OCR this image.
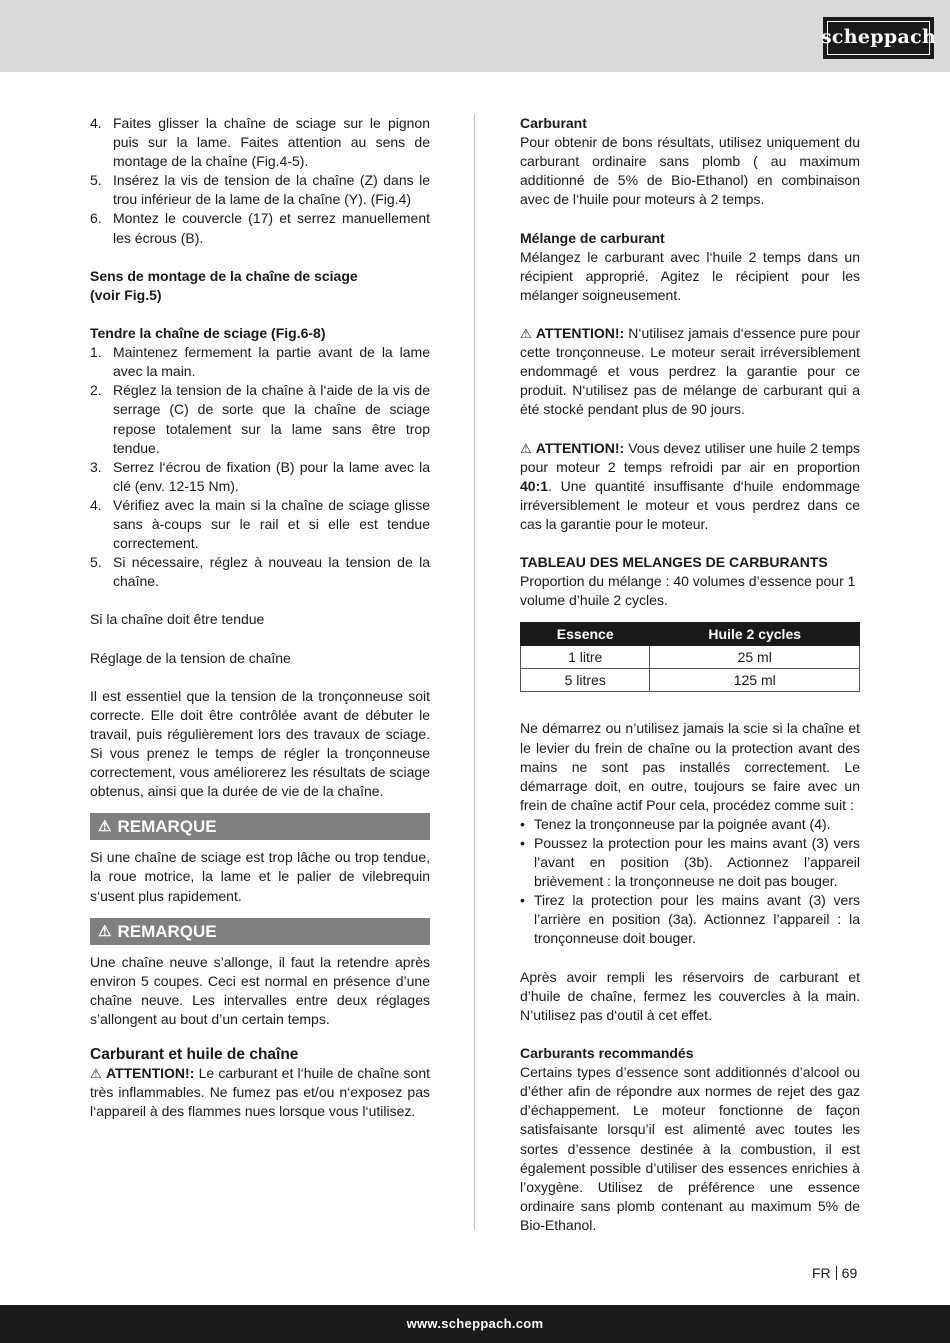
scheppach
4. Faites glisser la chaîne de sciage sur le pignon puis sur la lame. Faites attention au sens de montage de la chaîne (Fig.4-5).
5. Insérez la vis de tension de la chaîne (Z) dans le trou inférieur de la lame de la chaîne (Y). (Fig.4)
6. Montez le couvercle (17) et serrez manuellement les écrous (B).

Sens de montage de la chaîne de sciage
(voir Fig.5)

Tendre la chaîne de sciage (Fig.6-8)

1. Maintenez fermement la partie avant de la lame avec la main.
2. Réglez la tension de la chaîne à l‘aide de la vis de serrage (C) de sorte que la chaîne de sciage repose totalement sur la lame sans être trop tendue.
3. Serrez l‘écrou de fixation (B) pour la lame avec la clé (env. 12-15 Nm).
4. Vérifiez avec la main si la chaîne de sciage glisse sans à-coups sur le rail et si elle est tendue correctement.
5. Si nécessaire, réglez à nouveau la tension de la chaîne.

Si la chaîne doit être tendue

Réglage de la tension de chaîne

Il est essentiel que la tension de la tronçonneuse soit correcte. Elle doit être contrôlée avant de débuter le travail, puis régulièrement lors des travaux de sciage. Si vous prenez le temps de régler la tronçonneuse correctement, vous améliorerez les résultats de sciage obtenus, ainsi que la durée de vie de la chaîne.

⚠ REMARQUE

Si une chaîne de sciage est trop lâche ou trop tendue, la roue motrice, la lame et le palier de vilebrequin s‘usent plus rapidement.

⚠ REMARQUE

Une chaîne neuve s’allonge, il faut la retendre après environ 5 coupes. Ceci est normal en présence d’une chaîne neuve. Les intervalles entre deux réglages s’allongent au bout d’un certain temps.

Carburant et huile de chaîne

⚠ ATTENTION!: Le carburant et l‘huile de chaîne sont très inflammables. Ne fumez pas et/ou n‘exposez pas l‘appareil à des flammes nues lorsque vous l‘utilisez.

Carburant

Pour obtenir de bons résultats, utilisez uniquement du carburant ordinaire sans plomb ( au maximum additionné de 5% de Bio-Ethanol) en combinaison avec de l‘huile pour moteurs à 2 temps.

Mélange de carburant

Mélangez le carburant avec l‘huile 2 temps dans un récipient approprié. Agitez le récipient pour les mélanger soigneusement.

⚠ ATTENTION!: N‘utilisez jamais d‘essence pure pour cette tronçonneuse. Le moteur serait irréversiblement endommagé et vous perdrez la garantie pour ce produit. N‘utilisez pas de mélange de carburant qui a été stocké pendant plus de 90 jours.

⚠ ATTENTION!: Vous devez utiliser une huile 2 temps pour moteur 2 temps refroidi par air en proportion 40:1. Une quantité insuffisante d‘huile endommage irréversiblement le moteur et vous perdrez dans ce cas la garantie pour le moteur.

TABLEAU DES MELANGES DE CARBURANTS

Proportion du mélange : 40 volumes d’essence pour 1 volume d’huile 2 cycles.

Essence	Huile 2 cycles
1 litre	25 ml
5 litres	125 ml

Ne démarrez ou n’utilisez jamais la scie si la chaîne et le levier du frein de chaîne ou la protection avant des mains ne sont pas installés correctement. Le démarrage doit, en outre, toujours se faire avec un frein de chaîne actif Pour cela, procédez comme suit :

• Tenez la tronçonneuse par la poignée avant (4).
• Poussez la protection pour les mains avant (3) vers l’avant en position (3b). Actionnez l’appareil brièvement : la tronçonneuse ne doit pas bouger.
• Tirez la protection pour les mains avant (3) vers l’arrière en position (3a). Actionnez l’appareil : la tronçonneuse doit bouger.

Après avoir rempli les réservoirs de carburant et d’huile de chaîne, fermez les couvercles à la main. N’utilisez pas d‘outil à cet effet.

Carburants recommandés

Certains types d’essence sont additionnés d’alcool ou d’éther afin de répondre aux normes de rejet des gaz d’échappement. Le moteur fonctionne de façon satisfaisante lorsqu’il est alimenté avec toutes les sortes d’essence destinée à la combustion, il est également possible d’utiliser des essences enrichies à l’oxygène. Utilisez de préférence une essence ordinaire sans plomb contenant au maximum 5% de Bio-Ethanol.

FR 69
www.scheppach.com
